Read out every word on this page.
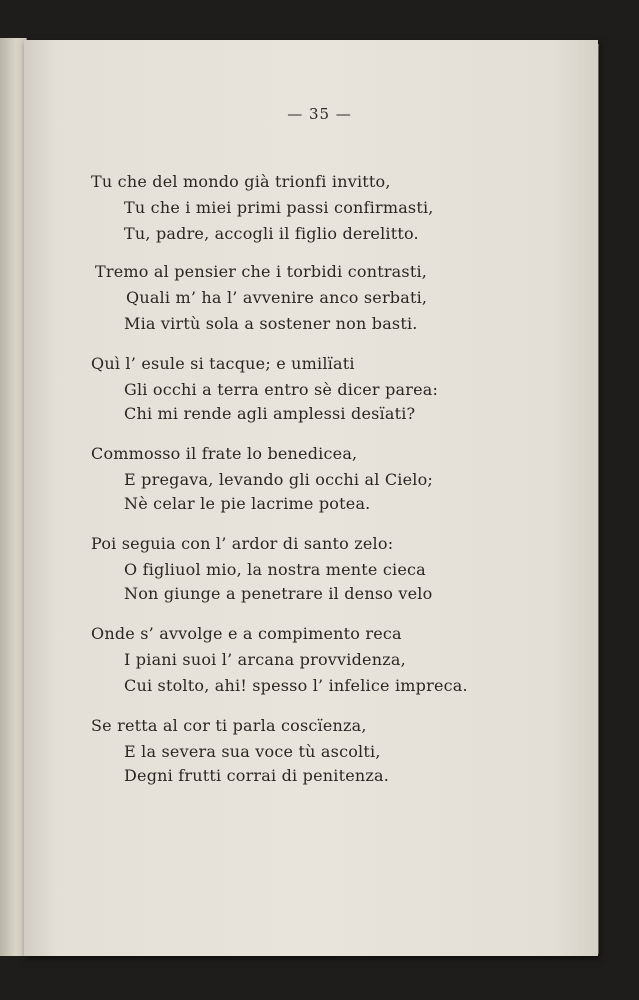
— 35 —
Tu che del mondo già trionfi invitto,
Tu che i miei primi passi confirmasti,
Tu, padre, accogli il figlio derelitto.
Tremo al pensier che i torbidi contrasti,
Quali m’ ha l’ avvenire anco serbati,
Mia virtù sola a sostener non basti.
Quì l’ esule si tacque; e umilïati
Gli occhi a terra entro sè dicer parea:
Chi mi rende agli amplessi desïati?
Commosso il frate lo benedicea,
E pregava, levando gli occhi al Cielo;
Nè celar le pie lacrime potea.
Poi seguia con l’ ardor di santo zelo:
O figliuol mio, la nostra mente cieca
Non giunge a penetrare il denso velo
Onde s’ avvolge e a compimento reca
I piani suoi l’ arcana provvidenza,
Cui stolto, ahi! spesso l’ infelice impreca.
Se retta al cor ti parla coscïenza,
E la severa sua voce tù ascolti,
Degni frutti corrai di penitenza.
